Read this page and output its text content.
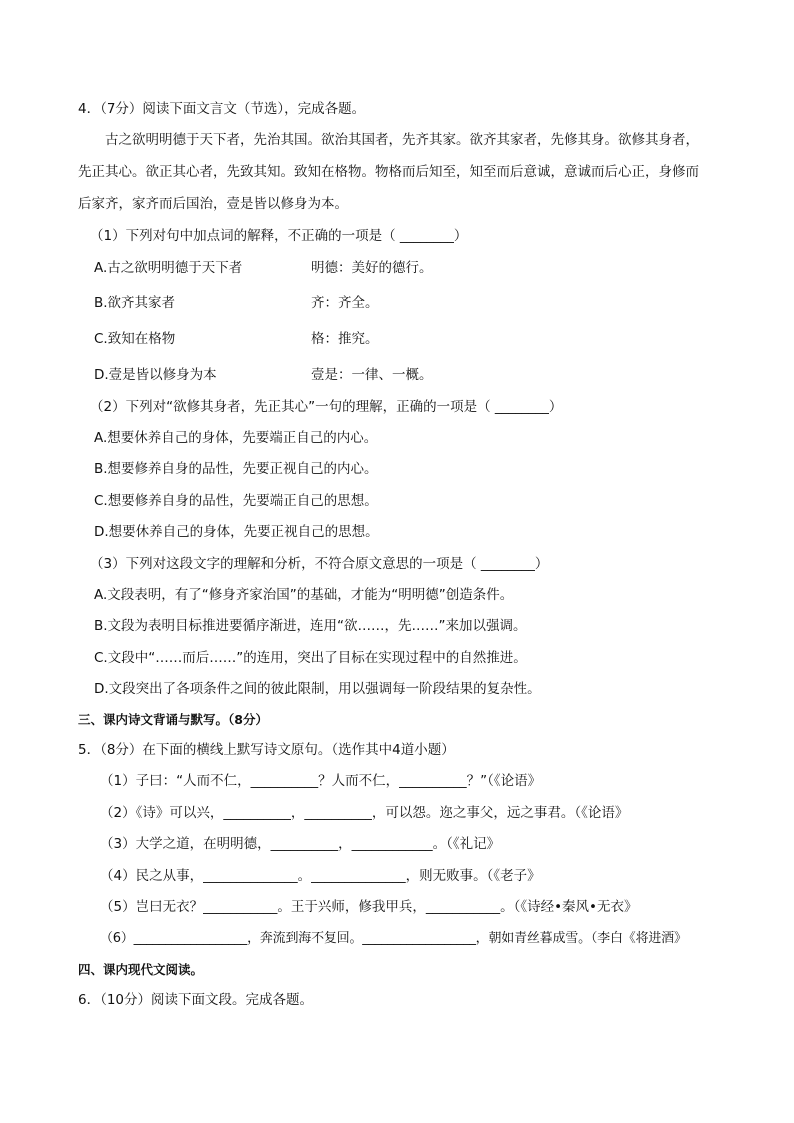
4．（7分）阅读下面文言文（节选），完成各题。
古之欲明明德于天下者，先治其国。欲治其国者，先齐其家。欲齐其家者，先修其身。欲修其身者，
先正其心。欲正其心者，先致其知。致知在格物。物格而后知至，知至而后意诚，意诚而后心正，身修而
后家齐，家齐而后国治，壹是皆以修身为本。
（1）下列对句中加点词的解释，不正确的一项是（ ________）
A.古之欲明明德于天下者	明德：美好的德行。
B.欲齐其家者	齐：齐全。
C.致知在格物	格：推究。
D.壹是皆以修身为本	壹是：一律、一概。
（2）下列对“欲修其身者，先正其心”一句的理解，正确的一项是（ ________）
A.想要休养自己的身体，先要端正自己的内心。
B.想要修养自身的品性，先要正视自己的内心。
C.想要修养自身的品性，先要端正自己的思想。
D.想要休养自己的身体，先要正视自己的思想。
（3）下列对这段文字的理解和分析，不符合原文意思的一项是（ ________）
A.文段表明，有了“修身齐家治国”的基础，才能为“明明德”创造条件。
B.文段为表明目标推进要循序渐进，连用“欲……，先……”来加以强调。
C.文段中“……而后……”的连用，突出了目标在实现过程中的自然推进。
D.文段突出了各项条件之间的彼此限制，用以强调每一阶段结果的复杂性。
三、课内诗文背诵与默写。（8分）
5．（8分）在下面的横线上默写诗文原句。（选作其中4道小题）
（1）子曰：“人而不仁，__________？人而不仁，__________？”（《论语》
（2）《诗》可以兴，__________，__________，可以怨。迩之事父，远之事君。（《论语》
（3）大学之道，在明明德，__________，____________。（《礼记》
（4）民之从事，______________。______________，则无败事。（《老子》
（5）岂曰无衣？___________。王于兴师，修我甲兵，___________。（《诗经•秦风•无衣》
（6）__________________，奔流到海不复回。__________________，朝如青丝暮成雪。（李白《将进酒》
四、课内现代文阅读。
6．（10分）阅读下面文段。完成各题。
